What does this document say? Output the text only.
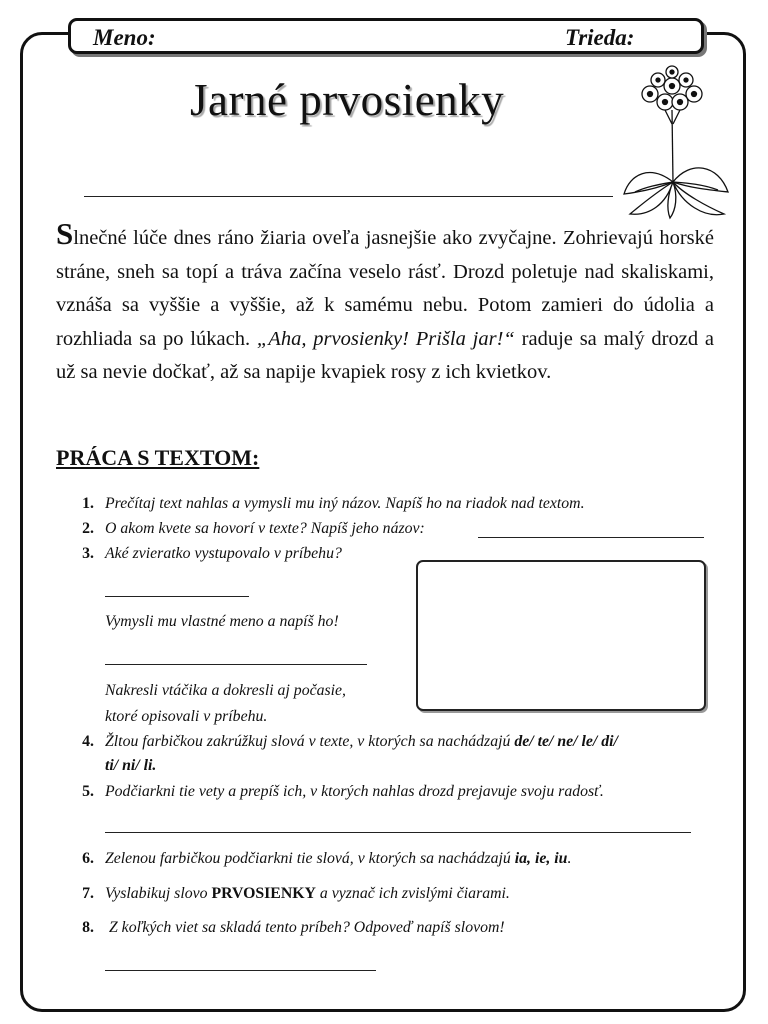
Meno:	Trieda:
Jarné prvosienky
Slnečné lúče dnes ráno žiaria oveľa jasnejšie ako zvyčajne. Zohrievajú horské stráne, sneh sa topí a tráva začína veselo rásť. Drozd poletuje nad skaliskami, vznáša sa vyššie a vyššie, až k samému nebu. Potom zamieri do údolia a rozhliada sa po lúkach. „Aha, prvosienky! Prišla jar!“ raduje sa malý drozd a už sa nevie dočkať, až sa napije kvapiek rosy z ich kvietkov.
PRÁCA S TEXTOM:
1. Prečítaj text nahlas a vymysli mu iný názov. Napíš ho na riadok nad textom.
2. O akom kvete sa hovorí v texte? Napíš jeho názov:
3. Aké zvieratko vystupovalo v príbehu?
Vymysli mu vlastné meno a napíš ho!
Nakresli vtáčika a dokresli aj počasie,
ktoré opisovali v príbehu.
4. Žltou farbičkou zakrúžkuj slová v texte, v ktorých sa nachádzajú de/ te/ ne/ le/ di/
ti/ ni/ li.
5. Podčiarkni tie vety a prepíš ich, v ktorých nahlas drozd prejavuje svoju radosť.
6. Zelenou farbičkou podčiarkni tie slová, v ktorých sa nachádzajú ia, ie, iu.
7. Vyslabikuj slovo PRVOSIENKY a vyznač ich zvislými čiarami.
8. Z koľkých viet sa skladá tento príbeh? Odpoveď napíš slovom!
